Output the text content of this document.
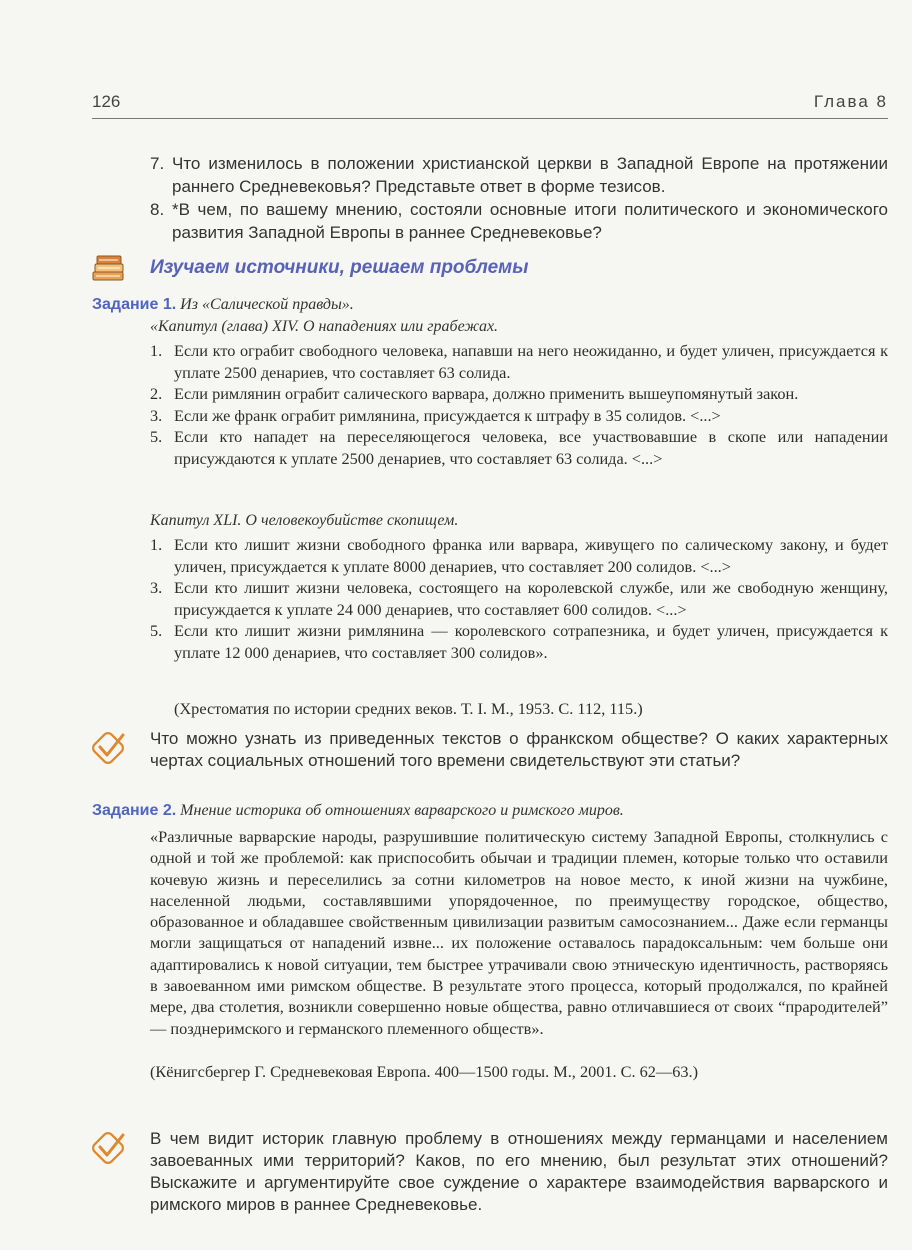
126	Глава 8
7. Что изменилось в положении христианской церкви в Западной Европе на протяжении раннего Средневековья? Представьте ответ в форме тезисов.
8. *В чем, по вашему мнению, состояли основные итоги политического и экономического развития Западной Европы в раннее Средневековье?
Изучаем источники, решаем проблемы
Задание 1. Из «Салической правды».
«Капитул (глава) XIV. О нападениях или грабежах.
1. Если кто ограбит свободного человека, напавши на него неожиданно, и будет уличен, присуждается к уплате 2500 денариев, что составляет 63 солида.
2. Если римлянин ограбит салического варвара, должно применить вышеупомянутый закон.
3. Если же франк ограбит римлянина, присуждается к штрафу в 35 солидов. <...>
5. Если кто нападет на переселяющегося человека, все участвовавшие в скопе или нападении присуждаются к уплате 2500 денариев, что составляет 63 солида. <...>
Капитул XLI. О человекоубийстве скопищем.
1. Если кто лишит жизни свободного франка или варвара, живущего по салическому закону, и будет уличен, присуждается к уплате 8000 денариев, что составляет 200 солидов. <...>
3. Если кто лишит жизни человека, состоящего на королевской службе, или же свободную женщину, присуждается к уплате 24 000 денариев, что составляет 600 солидов. <...>
5. Если кто лишит жизни римлянина — королевского сотрапезника, и будет уличен, присуждается к уплате 12 000 денариев, что составляет 300 солидов».
(Хрестоматия по истории средних веков. Т. I. М., 1953. С. 112, 115.)
Что можно узнать из приведенных текстов о франкском обществе? О каких характерных чертах социальных отношений того времени свидетельствуют эти статьи?
Задание 2. Мнение историка об отношениях варварского и римского миров.
«Различные варварские народы, разрушившие политическую систему Западной Европы, столкнулись с одной и той же проблемой: как приспособить обычаи и традиции племен, которые только что оставили кочевую жизнь и переселились за сотни километров на новое место, к иной жизни на чужбине, населенной людьми, составлявшими упорядоченное, по преимуществу городское, общество, образованное и обладавшее свойственным цивилизации развитым самосознанием... Даже если германцы могли защищаться от нападений извне... их положение оставалось парадоксальным: чем больше они адаптировались к новой ситуации, тем быстрее утрачивали свою этническую идентичность, растворяясь в завоеванном ими римском обществе. В результате этого процесса, который продолжался, по крайней мере, два столетия, возникли совершенно новые общества, равно отличавшиеся от своих “прародителей” — позднеримского и германского племенного обществ».
(Кёнигсбергер Г. Средневековая Европа. 400—1500 годы. М., 2001. С. 62—63.)
В чем видит историк главную проблему в отношениях между германцами и населением завоеванных ими территорий? Каков, по его мнению, был результат этих отношений? Выскажите и аргументируйте свое суждение о характере взаимодействия варварского и римского миров в раннее Средневековье.
